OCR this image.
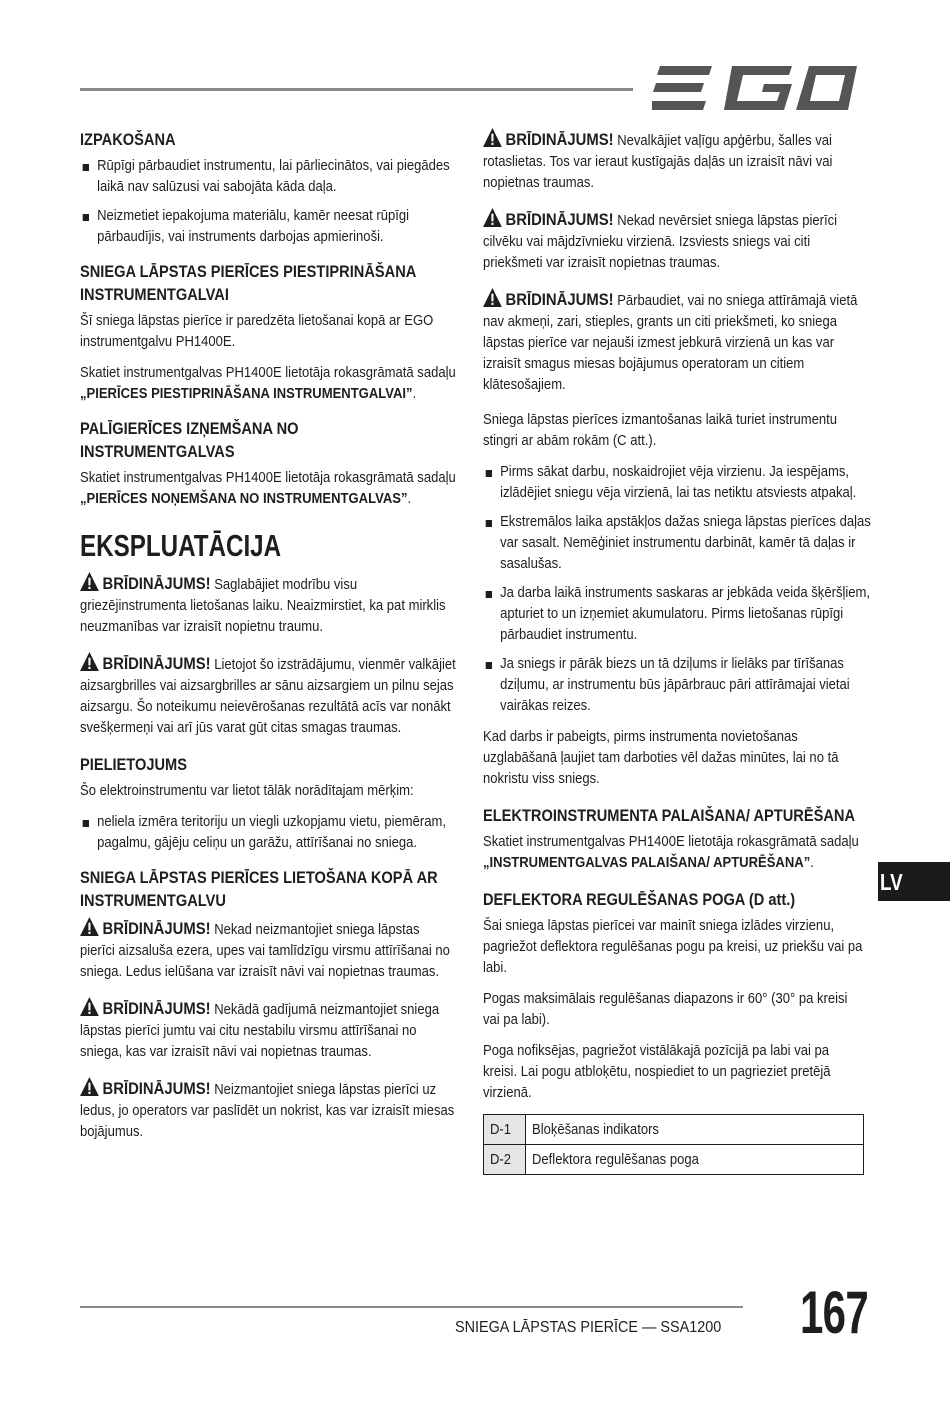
IZPAKOŠANA
Rūpīgi pārbaudiet instrumentu, lai pārliecinātos, vai piegādes laikā nav salūzusi vai sabojāta kāda daļa.
Neizmetiet iepakojuma materiālu, kamēr neesat rūpīgi pārbaudījis, vai instruments darbojas apmierinoši.
SNIEGA LĀPSTAS PIERĪCES PIESTIPRINĀŠANA INSTRUMENTGALVAI

Šī sniega lāpstas pierīce ir paredzēta lietošanai kopā ar EGO instrumentgalvu PH1400E.

Skatiet instrumentgalvas PH1400E lietotāja rokasgrāmatā sadaļu „PIERĪCES PIESTIPRINĀŠANA INSTRUMENTGALVAI”.

PALĪGIERĪCES IZŅEMŠANA NO INSTRUMENTGALVAS

Skatiet instrumentgalvas PH1400E lietotāja rokasgrāmatā sadaļu „PIERĪCES NOŅEMŠANA NO INSTRUMENTGALVAS”.

EKSPLUATĀCIJA

BRĪDINĀJUMS! Saglabājiet modrību visu griezējinstrumenta lietošanas laiku. Neaizmirstiet, ka pat mirklis neuzmanības var izraisīt nopietnu traumu.

BRĪDINĀJUMS! Lietojot šo izstrādājumu, vienmēr valkājiet aizsargbrilles vai aizsargbrilles ar sānu aizsargiem un pilnu sejas aizsargu. Šo noteikumu neievērošanas rezultātā acīs var nonākt svešķermeņi vai arī jūs varat gūt citas smagas traumas.

PIELIETOJUMS

Šo elektroinstrumentu var lietot tālāk norādītajam mērķim:

neliela izmēra teritoriju un viegli uzkopjamu vietu, piemēram, pagalmu, gājēju celiņu un garāžu, attīrīšanai no sniega.
SNIEGA LĀPSTAS PIERĪCES LIETOŠANA KOPĀ AR INSTRUMENTGALVU

BRĪDINĀJUMS! Nekad neizmantojiet sniega lāpstas pierīci aizsaluša ezera, upes vai tamlīdzīgu virsmu attīrīšanai no sniega. Ledus ielūšana var izraisīt nāvi vai nopietnas traumas.

BRĪDINĀJUMS! Nekādā gadījumā neizmantojiet sniega lāpstas pierīci jumtu vai citu nestabilu virsmu attīrīšanai no sniega, kas var izraisīt nāvi vai nopietnas traumas.

BRĪDINĀJUMS! Neizmantojiet sniega lāpstas pierīci uz ledus, jo operators var paslīdēt un nokrist, kas var izraisīt miesas bojājumus.

BRĪDINĀJUMS! Nevalkājiet vaļīgu apģērbu, šalles vai rotaslietas. Tos var ieraut kustīgajās daļās un izraisīt nāvi vai nopietnas traumas.

BRĪDINĀJUMS! Nekad nevērsiet sniega lāpstas pierīci cilvēku vai mājdzīvnieku virzienā. Izsviests sniegs vai citi priekšmeti var izraisīt nopietnas traumas.

BRĪDINĀJUMS! Pārbaudiet, vai no sniega attīrāmajā vietā nav akmeņi, zari, stieples, grants un citi priekšmeti, ko sniega lāpstas pierīce var nejauši izmest jebkurā virzienā un kas var izraisīt smagus miesas bojājumus operatoram un citiem klātesošajiem.

Sniega lāpstas pierīces izmantošanas laikā turiet instrumentu stingri ar abām rokām (C att.).

Pirms sākat darbu, noskaidrojiet vēja virzienu. Ja iespējams, izlādējiet sniegu vēja virzienā, lai tas netiktu atsviests atpakaļ.
Ekstremālos laika apstākļos dažas sniega lāpstas pierīces daļas var sasalt. Nemēģiniet instrumentu darbināt, kamēr tā daļas ir sasalušas.
Ja darba laikā instruments saskaras ar jebkāda veida šķēršļiem, apturiet to un izņemiet akumulatoru. Pirms lietošanas rūpīgi pārbaudiet instrumentu.
Ja sniegs ir pārāk biezs un tā dziļums ir lielāks par tīrīšanas dziļumu, ar instrumentu būs jāpārbrauc pāri attīrāmajai vietai vairākas reizes.

Kad darbs ir pabeigts, pirms instrumenta novietošanas uzglabāšanā ļaujiet tam darboties vēl dažas minūtes, lai no tā nokristu viss sniegs.

ELEKTROINSTRUMENTA PALAIŠANA/ APTURĒŠANA

Skatiet instrumentgalvas PH1400E lietotāja rokasgrāmatā sadaļu „INSTRUMENTGALVAS PALAIŠANA/ APTURĒŠANA”.

DEFLEKTORA REGULĒŠANAS POGA (D att.)

Šai sniega lāpstas pierīcei var mainīt sniega izlādes virzienu, pagriežot deflektora regulēšanas pogu pa kreisi, uz priekšu vai pa labi.

Pogas maksimālais regulēšanas diapazons ir 60° (30° pa kreisi vai pa labi).

Poga nofiksējas, pagriežot vistālākajā pozīcijā pa labi vai pa kreisi. Lai pogu atbloķētu, nospiediet to un pagrieziet pretējā virzienā.

D-1	Bloķēšanas indikators
D-2	Deflektora regulēšanas poga
LV
SNIEGA LĀPSTAS PIERĪCE — SSA1200 167
